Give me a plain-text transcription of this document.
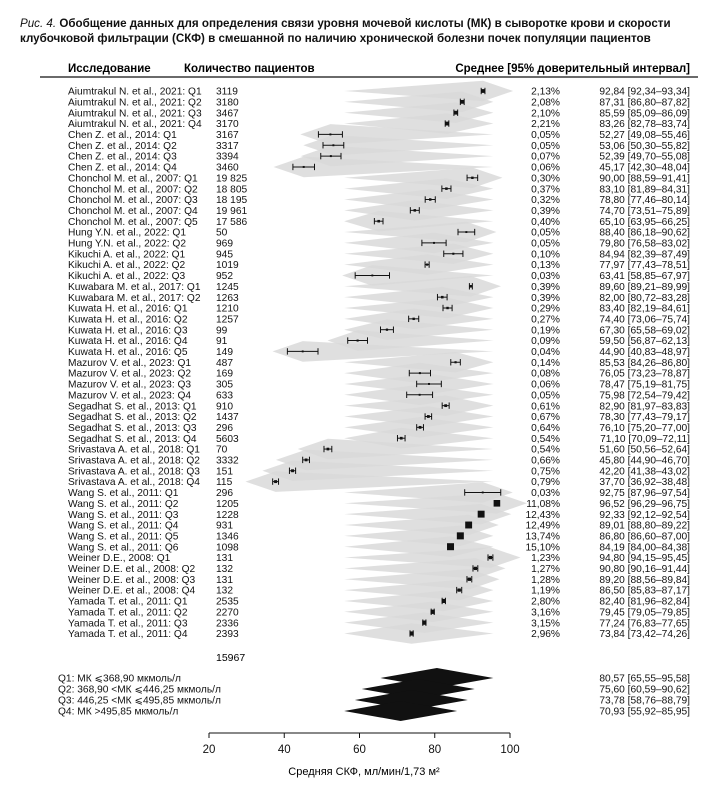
Рис. 4. Обобщение данных для определения связи уровня мочевой кислоты (МК) в сыворотке крови и скорости клубочковой фильтрации (СКФ) в смешанной по наличию хронической болезни почек популяции пациентов
Исследование	Количество пациентов	Среднее [95% доверительный интервал]
Aiumtrakul N. et al., 2021: Q1 3119	2,13%	92,84 [92,34–93,34]
Aiumtrakul N. et al., 2021: Q2 3180	2,08%	87,31 [86,80–87,82]
Aiumtrakul N. et al., 2021: Q3 3467	2,10%	85,59 [85,09–86,09]
Aiumtrakul N. et al., 2021: Q4 3170	2,21%	83,26 [82,78–83,74]
Chen Z. et al., 2014: Q1	3167	0,05%	52,27 [49,08–55,46]
Chen Z. et al., 2014: Q2	3317	0,05%	53,06 [50,30–55,82]
Chen Z. et al., 2014: Q3	3394	0,07%	52,39 [49,70–55,08]
Chen Z. et al., 2014: Q4	3460	0,06%	45,17 [42,30–48,04]
Chonchol M. et al., 2007: Q1 19 825	0,30%	90,00 [88,59–91,41]
Chonchol M. et al., 2007: Q2 18 805	0,37%	83,10 [81,89–84,31]
Chonchol M. et al., 2007: Q3 18 195	0,32%	78,80 [77,46–80,14]
Chonchol M. et al., 2007: Q4 19 961	0,39%	74,70 [73,51–75,89]
Chonchol M. et al., 2007: Q5 17 586	0,40%	65,10 [63,95–66,25]
Hung Y.N. et al., 2022: Q1	50	0,05%	88,40 [86,18–90,62]
Hung Y.N. et al., 2022: Q2	969	0,05%	79,80 [76,58–83,02]
Kikuchi A. et al., 2022: Q1	945	0,10%	84,94 [82,39–87,49]
Kikuchi A. et al., 2022: Q2	1019	0,13%	77,97 [77,43–78,51]
Kikuchi A. et al., 2022: Q3	952	0,03%	63,41 [58,85–67,97]
Kuwabara M. et al., 2017: Q1 1245	0,39%	89,60 [89,21–89,99]
Kuwabara M. et al., 2017: Q2 1263	0,39%	82,00 [80,72–83,28]
Kuwata H. et al., 2016: Q1	1210	0,29%	83,40 [82,19–84,61]
Kuwata H. et al., 2016: Q2	1257	0,27%	74,40 [73,06–75,74]
Kuwata H. et al., 2016: Q3	99	0,19%	67,30 [65,58–69,02]
Kuwata H. et al., 2016: Q4	91	0,09%	59,50 [56,87–62,13]
Kuwata H. et al., 2016: Q5	149	0,04%	44,90 [40,83–48,97]
Mazurov V. et al., 2023: Q1 487	0,14%	85,53 [84,26–86,80]
Mazurov V. et al., 2023: Q2 169	0,08%	76,05 [73,23–78,87]
Mazurov V. et al., 2023: Q3 305	0,06%	78,47 [75,19–81,75]
Mazurov V. et al., 2023: Q4 633	0,05%	75,98 [72,54–79,42]
Segadhat S. et al., 2013: Q1 910	0,61%	82,90 [81,97–83,83]
Segadhat S. et al., 2013: Q2 1437	0,67%	78,30 [77,43–79,17]
Segadhat S. et al., 2013: Q3 296	0,64%	76,10 [75,20–77,00]
Segadhat S. et al., 2013: Q4 5603	0,54%	71,10 [70,09–72,11]
Srivastava A. et al., 2018: Q1 70	0,54%	51,60 [50,56–52,64]
Srivastava A. et al., 2018: Q2 3332	0,66%	45,80 [44,90–46,70]
Srivastava A. et al., 2018: Q3 151	0,75%	42,20 [41,38–43,02]
Srivastava A. et al., 2018: Q4 115	0,79%	37,70 [36,92–38,48]
Wang S. et al., 2011: Q1	296	0,03%	92,75 [87,96–97,54]
Wang S. et al., 2011: Q2	1205	11,08%	96,52 [96,29–96,75]
Wang S. et al., 2011: Q3	1228	12,43%	92,33 [92,12–92,54]
Wang S. et al., 2011: Q4	931	12,49%	89,01 [88,80–89,22]
Wang S. et al., 2011: Q5	1346	13,74%	86,80 [86,60–87,00]
Wang S. et al., 2011: Q6	1098	15,10%	84,19 [84,00–84,38]
Weiner D.E., 2008: Q1	131	1,23%	94,80 [94,15–95,45]
Weiner D.E. et al., 2008: Q2 132	1,27%	90,80 [90,16–91,44]
Weiner D.E. et al., 2008: Q3 131	1,28%	89,20 [88,56–89,84]
Weiner D.E. et al., 2008: Q4 132	1,19%	86,50 [85,83–87,17]
Yamada T. et al., 2011: Q1	2535	2,80%	82,40 [81,96–82,84]
Yamada T. et al., 2011: Q2	2270	3,16%	79,45 [79,05–79,85]
Yamada T. et al., 2011: Q3	2336	3,15%	77,24 [76,83–77,65]
Yamada T. et al., 2011: Q4	2393	2,96%	73,84 [73,42–74,26]
15967
Q1: МК ⩽368,90 мкмоль/л	80,57 [65,55–95,58]
Q2: 368,90 <МК ⩽446,25 мкмоль/л	75,60 [60,59–90,62]
Q3: 446,25 <МК ⩽495,85 мкмоль/л	73,78 [58,76–88,79]
Q4: МК >495,85 мкмоль/л	70,93 [55,92–85,95]
20	40	60	80	100
Средняя СКФ, мл/мин/1,73 м²
